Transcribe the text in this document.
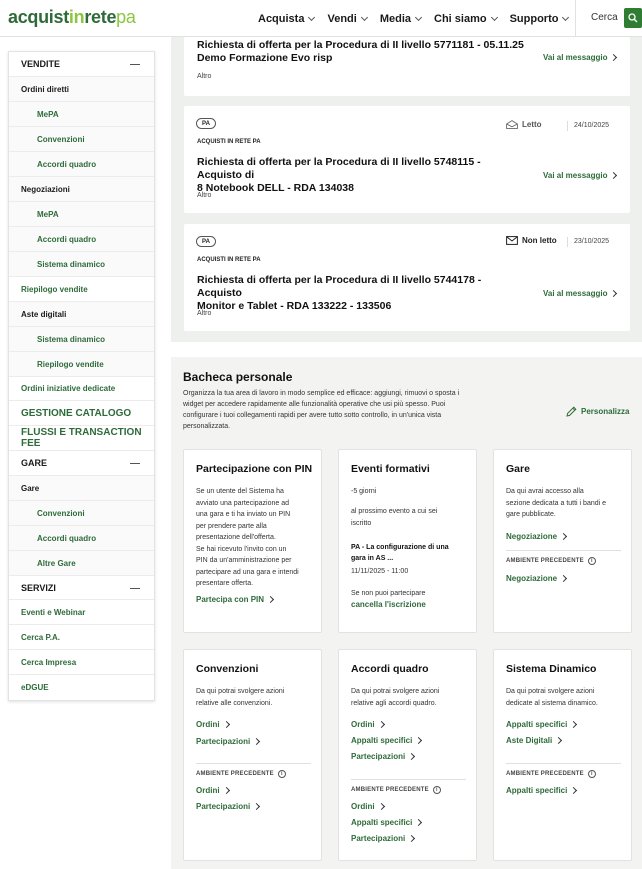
acquistinretepa	Acquista Vendi Media Chi siamo Supporto	Cerca
VENDITE
Ordini diretti
MePA
Convenzioni
Accordi quadro
Negoziazioni
MePA
Accordi quadro
Sistema dinamico
Riepilogo vendite
Aste digitali
Sistema dinamico
Riepilogo vendite
Ordini iniziative dedicate
GESTIONE CATALOGO
FLUSSI E TRANSACTION FEE
GARE
Gare
Convenzioni
Accordi quadro
Altre Gare
SERVIZI
Eventi e Webinar
Cerca P.A.
Cerca Impresa
eDGUE
Richiesta di offerta per la Procedura di II livello 5771181 - 05.11.25
Demo Formazione Evo risp
Altro
Vai al messaggio
PA
ACQUISTI IN RETE PA
Letto	24/10/2025
Richiesta di offerta per la Procedura di II livello 5748115 - Acquisto di
8 Notebook DELL - RDA 134038
Altro
Vai al messaggio
PA
ACQUISTI IN RETE PA
Non letto 23/10/2025
Richiesta di offerta per la Procedura di II livello 5744178 - Acquisto
Monitor e Tablet - RDA 133222 - 133506
Altro
Vai al messaggio
Bacheca personale
Organizza la tua area di lavoro in modo semplice ed efficace: aggiungi, rimuovi o sposta i
widget per accedere rapidamente alle funzionalità operative che usi più spesso. Puoi
configurare i tuoi collegamenti rapidi per avere tutto sotto controllo, in un'unica vista
personalizzata.
Personalizza
Partecipazione con PIN
Se un utente del Sistema ha
avviato una partecipazione ad
una gara e ti ha inviato un PIN
per prendere parte alla
presentazione dell'offerta.
Se hai ricevuto l'invito con un
PIN da un'amministrazione per
partecipare ad una gara e intendi
presentare offerta.
Partecipa con PIN
Eventi formativi
-5 giorni
al prossimo evento a cui sei
iscritto
PA - La configurazione di una
gara in AS ...
11/11/2025 - 11:00
Se non puoi partecipare
cancella l'iscrizione
Gare
Da qui avrai accesso alla
sezione dedicata a tutti i bandi e
gare pubblicate.
Negoziazione
AMBIENTE PRECEDENTE	i
Negoziazione
Convenzioni
Da qui potrai svolgere azioni
relative alle convenzioni.
Ordini
Partecipazioni
AMBIENTE PRECEDENTE	i
Ordini
Partecipazioni
Accordi quadro
Da qui potrai svolgere azioni
relative agli accordi quadro.
Ordini
Appalti specifici
Partecipazioni
AMBIENTE PRECEDENTE	i
Ordini
Appalti specifici
Partecipazioni
Sistema Dinamico
Da qui potrai svolgere azioni
dedicate al sistema dinamico.
Appalti specifici
Aste Digitali
AMBIENTE PRECEDENTE	i
Appalti specifici
